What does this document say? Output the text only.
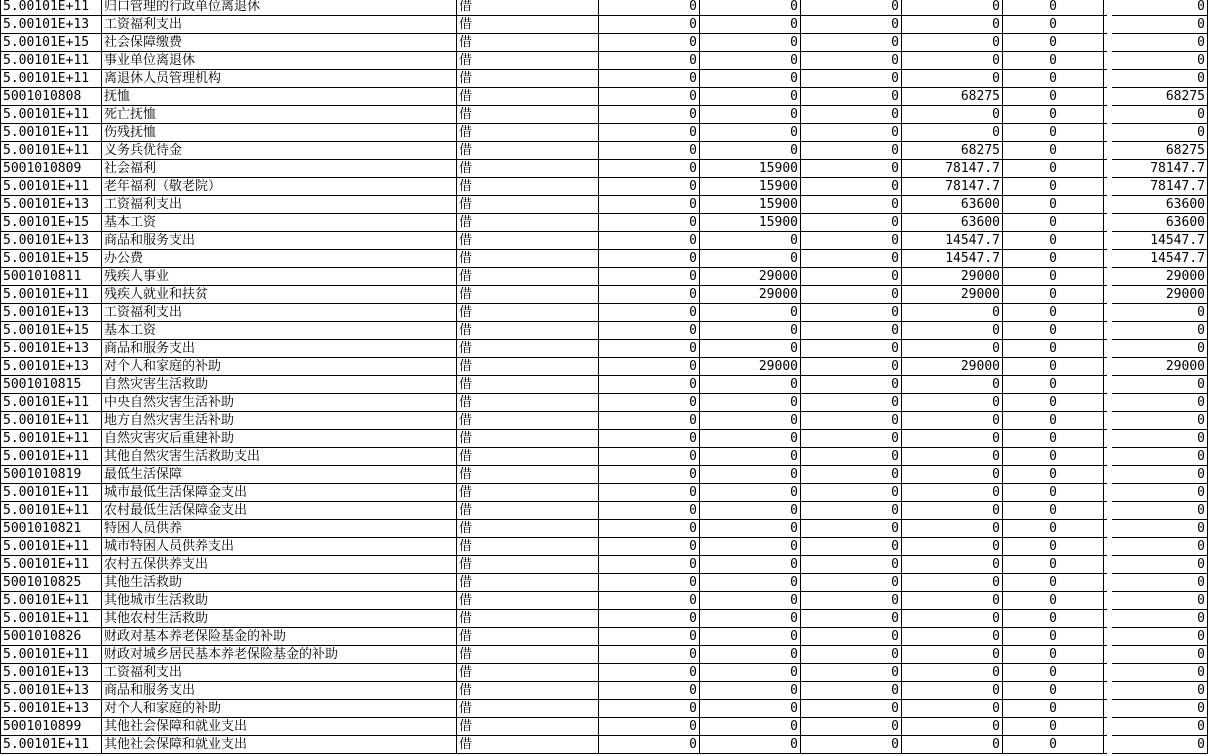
5.00101E+11	归口管理的行政单位离退休	借	0	0	0	0	0	0
5.00101E+13	工资福利支出	借	0	0	0	0	0	0
5.00101E+15	社会保障缴费	借	0	0	0	0	0	0
5.00101E+11	事业单位离退休	借	0	0	0	0	0	0
5.00101E+11	离退休人员管理机构	借	0	0	0	0	0	0
5001010808	抚恤	借	0	0	0	68275	0	68275
5.00101E+11	死亡抚恤	借	0	0	0	0	0	0
5.00101E+11	伤残抚恤	借	0	0	0	0	0	0
5.00101E+11	义务兵优待金	借	0	0	0	68275	0	68275
5001010809	社会福利	借	0	15900	0	78147.7	0	78147.7
5.00101E+11	老年福利（敬老院）	借	0	15900	0	78147.7	0	78147.7
5.00101E+13	工资福利支出	借	0	15900	0	63600	0	63600
5.00101E+15	基本工资	借	0	15900	0	63600	0	63600
5.00101E+13	商品和服务支出	借	0	0	0	14547.7	0	14547.7
5.00101E+15	办公费	借	0	0	0	14547.7	0	14547.7
5001010811	残疾人事业	借	0	29000	0	29000	0	29000
5.00101E+11	残疾人就业和扶贫	借	0	29000	0	29000	0	29000
5.00101E+13	工资福利支出	借	0	0	0	0	0	0
5.00101E+15	基本工资	借	0	0	0	0	0	0
5.00101E+13	商品和服务支出	借	0	0	0	0	0	0
5.00101E+13	对个人和家庭的补助	借	0	29000	0	29000	0	29000
5001010815	自然灾害生活救助	借	0	0	0	0	0	0
5.00101E+11	中央自然灾害生活补助	借	0	0	0	0	0	0
5.00101E+11	地方自然灾害生活补助	借	0	0	0	0	0	0
5.00101E+11	自然灾害灾后重建补助	借	0	0	0	0	0	0
5.00101E+11	其他自然灾害生活救助支出	借	0	0	0	0	0	0
5001010819	最低生活保障	借	0	0	0	0	0	0
5.00101E+11	城市最低生活保障金支出	借	0	0	0	0	0	0
5.00101E+11	农村最低生活保障金支出	借	0	0	0	0	0	0
5001010821	特困人员供养	借	0	0	0	0	0	0
5.00101E+11	城市特困人员供养支出	借	0	0	0	0	0	0
5.00101E+11	农村五保供养支出	借	0	0	0	0	0	0
5001010825	其他生活救助	借	0	0	0	0	0	0
5.00101E+11	其他城市生活救助	借	0	0	0	0	0	0
5.00101E+11	其他农村生活救助	借	0	0	0	0	0	0
5001010826	财政对基本养老保险基金的补助	借	0	0	0	0	0	0
5.00101E+11	财政对城乡居民基本养老保险基金的补助	借	0	0	0	0	0	0
5.00101E+13	工资福利支出	借	0	0	0	0	0	0
5.00101E+13	商品和服务支出	借	0	0	0	0	0	0
5.00101E+13	对个人和家庭的补助	借	0	0	0	0	0	0
5001010899	其他社会保障和就业支出	借	0	0	0	0	0	0
5.00101E+11	其他社会保障和就业支出	借	0	0	0	0	0	0
